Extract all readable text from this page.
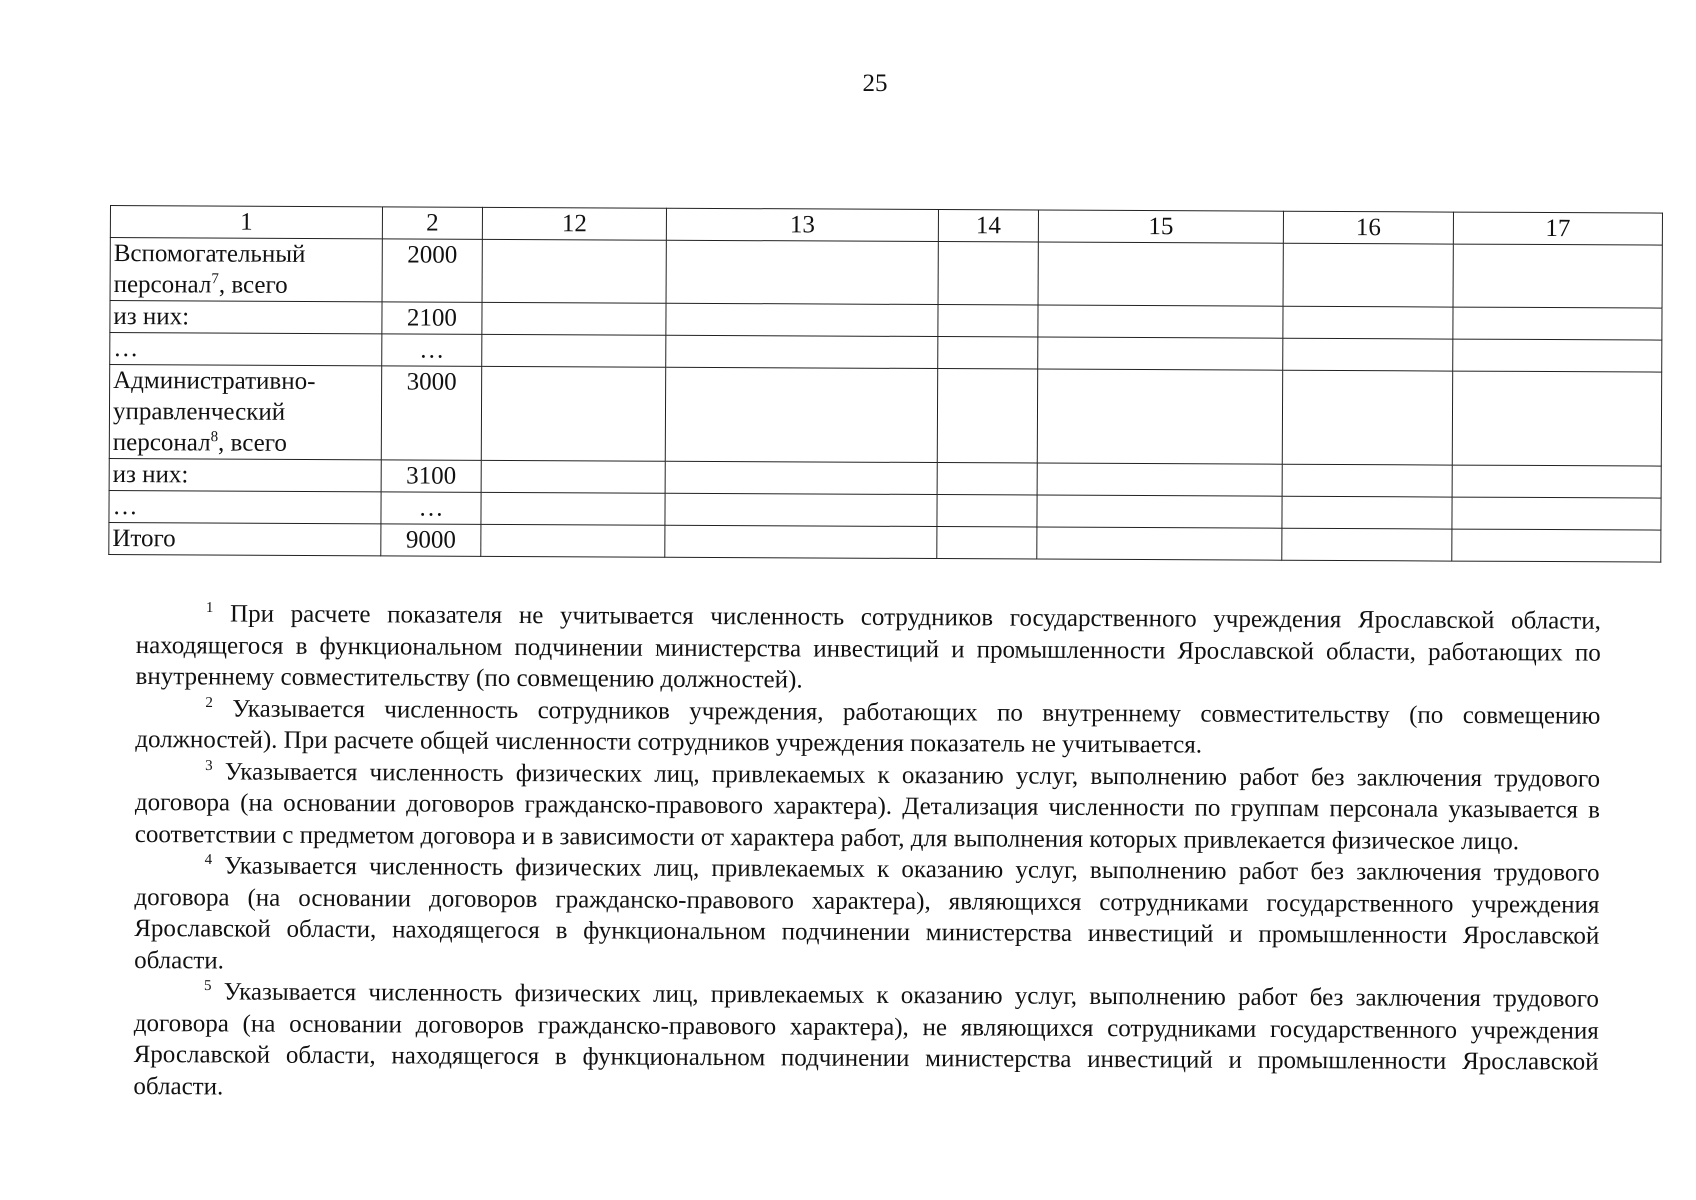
25
1	2	12	13	14	15	16	17
Вспомогательный персонал$^7$, всего	2000						
из них:	2100						
…	…						
Административно-управленческий персонал$^8$, всего	3000						
из них:	3100						
…	…						
Итого	9000						

$^1$ При расчете показателя не учитывается численность сотрудников государственного учреждения Ярославской области, находящегося в функциональном подчинении министерства инвестиций и промышленности Ярославской области, работающих по внутреннему совместительству (по совмещению должностей).

$^2$ Указывается численность сотрудников учреждения, работающих по внутреннему совместительству (по совмещению должностей). При расчете общей численности сотрудников учреждения показатель не учитывается.

$^3$ Указывается численность физических лиц, привлекаемых к оказанию услуг, выполнению работ без заключения трудового договора (на основании договоров гражданско-правового характера). Детализация численности по группам персонала указывается в соответствии с предметом договора и в зависимости от характера работ, для выполнения которых привлекается физическое лицо.

$^4$ Указывается численность физических лиц, привлекаемых к оказанию услуг, выполнению работ без заключения трудового договора (на основании договоров гражданско-правового характера), являющихся сотрудниками государственного учреждения Ярославской области, находящегося в функциональном подчинении министерства инвестиций и промышленности Ярославской области.

$^5$ Указывается численность физических лиц, привлекаемых к оказанию услуг, выполнению работ без заключения трудового договора (на основании договоров гражданско-правового характера), не являющихся сотрудниками государственного учреждения Ярославской области, находящегося в функциональном подчинении министерства инвестиций и промышленности Ярославской области.
